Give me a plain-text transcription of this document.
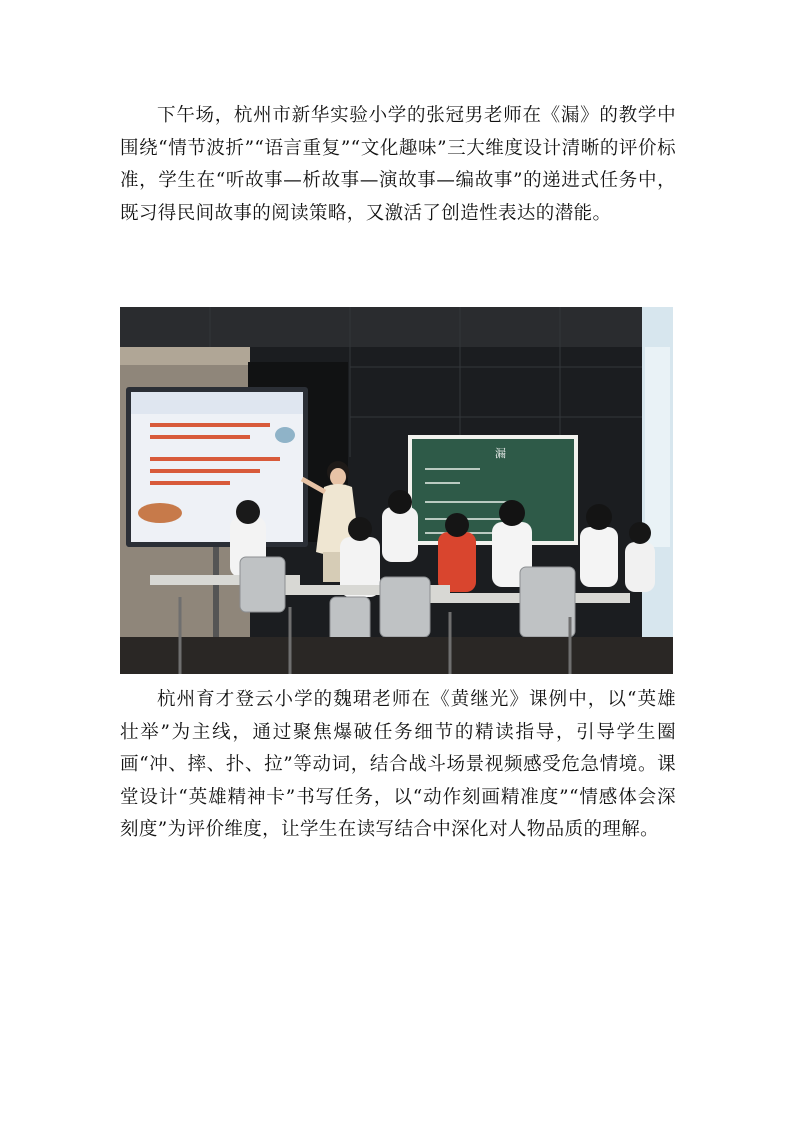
下午场，杭州市新华实验小学的张冠男老师在《漏》的教学中围绕“情节波折”“语言重复”“文化趣味”三大维度设计清晰的评价标准，学生在“听故事—析故事—演故事—编故事”的递进式任务中，既习得民间故事的阅读策略，又激活了创造性表达的潜能。

漏

杭州育才登云小学的魏珺老师在《黄继光》课例中，以“英雄壮举”为主线，通过聚焦爆破任务细节的精读指导，引导学生圈画“冲、摔、扑、拉”等动词，结合战斗场景视频感受危急情境。课堂设计“英雄精神卡”书写任务，以“动作刻画精准度”“情感体会深刻度”为评价维度，让学生在读写结合中深化对人物品质的理解。
